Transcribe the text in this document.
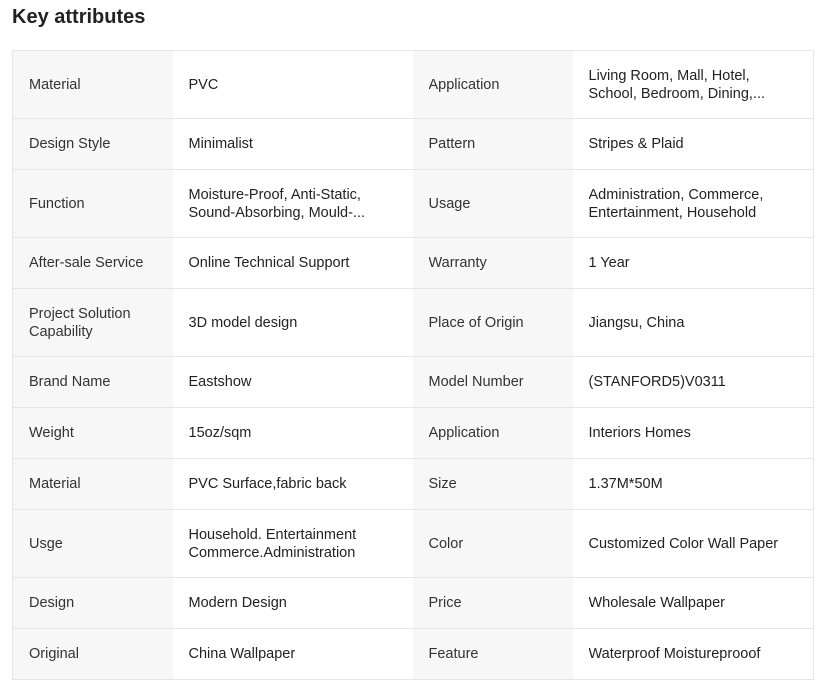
Key attributes
Material	PVC	Application	Living Room, Mall, Hotel, School, Bedroom, Dining,...

Design Style	Minimalist	Pattern	Stripes & Plaid

Function	Moisture-Proof, Anti-Static, Sound-Absorbing, Mould-...	Usage	Administration, Commerce, Entertainment, Household

After-sale Service	Online Technical Support	Warranty	1 Year

Project Solution Capability	3D model design	Place of Origin	Jiangsu, China

Brand Name	Eastshow	Model Number	(STANFORD5)V0311

Weight	15oz/sqm	Application	Interiors Homes

Material	PVC Surface,fabric back	Size	1.37M*50M

Usge	Household. Entertainment Commerce.Administration	Color	Customized Color Wall Paper

Design	Modern Design	Price	Wholesale Wallpaper

Original	China Wallpaper	Feature	Waterproof Moistureprooof
